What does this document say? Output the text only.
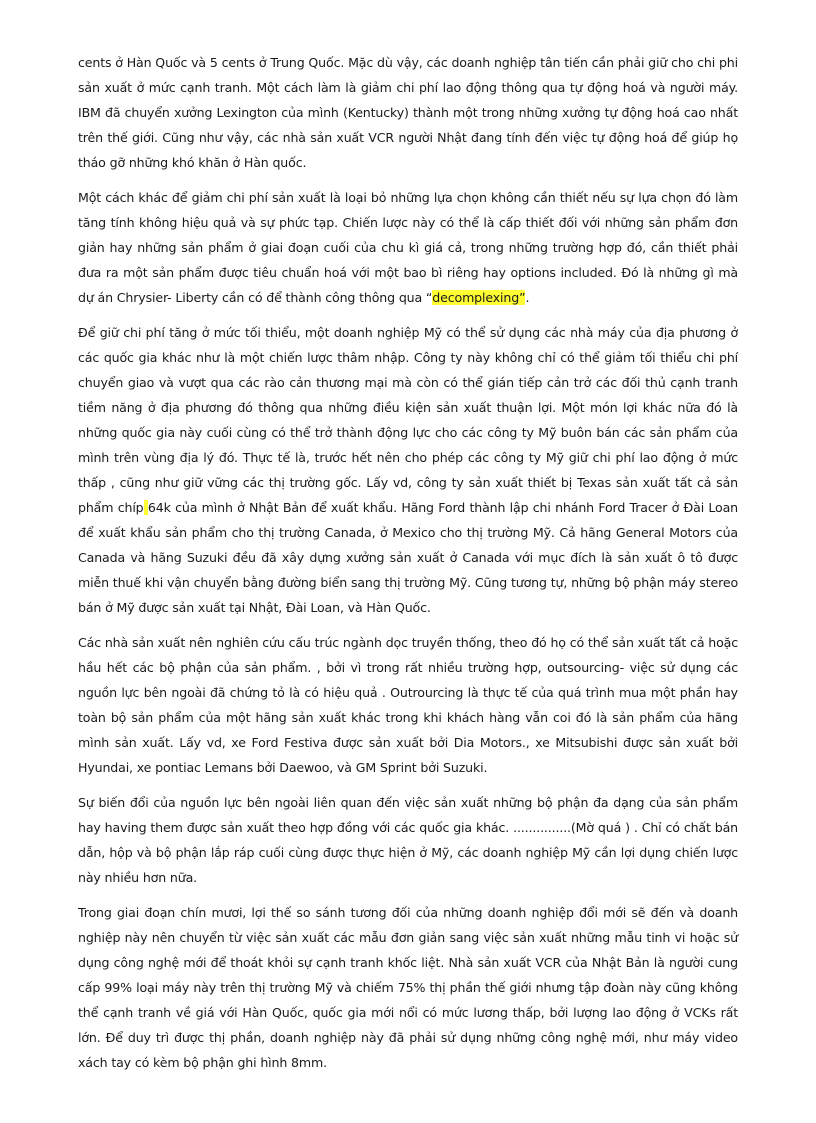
cents ở Hàn Quốc và 5 cents ở Trung Quốc. Mặc dù vậy, các doanh nghiệp tân tiến cần phải giữ cho chi phi sản xuất ở mức cạnh tranh. Một cách làm là giảm chi phí lao động thông qua tự động hoá và người máy. IBM đã chuyển xưởng Lexington của mình (Kentucky) thành một trong những xưởng tự động hoá cao nhất trên thế giới. Cũng như vậy, các nhà sản xuất VCR người Nhật đang tính đến việc tự động hoá để giúp họ tháo gỡ những khó khăn ở Hàn quốc.

Một cách khác để giảm chi phí sản xuất là loại bỏ những lựa chọn không cần thiết nếu sự lựa chọn đó làm tăng tính không hiệu quả và sự phức tạp. Chiến lược này có thể là cấp thiết đối với những sản phẩm đơn giản hay những sản phẩm ở giai đoạn cuối của chu kì giá cả, trong những trường hợp đó, cần thiết phải đưa ra một sản phẩm được tiêu chuẩn hoá với một bao bì riêng hay options included. Đó là những gì mà dự án Chrysier- Liberty cần có để thành công thông qua “decomplexing”.

Để giữ chi phí tăng ở mức tối thiểu, một doanh nghiệp Mỹ có thể sử dụng các nhà máy của địa phương ở các quốc gia khác như là một chiến lược thâm nhập. Công ty này không chỉ có thể giảm tối thiểu chi phí chuyển giao và vượt qua các rào cản thương mại mà còn có thể gián tiếp cản trở các đối thủ cạnh tranh tiềm năng ở địa phương đó thông qua những điều kiện sản xuất thuận lợi. Một món lợi khác nữa đó là những quốc gia này cuối cùng có thể trở thành động lực cho các công ty Mỹ buôn bán các sản phẩm của mình trên vùng địa lý đó. Thực tế là, trước hết nên cho phép các công ty Mỹ giữ chi phí lao động ở mức thấp , cũng như giữ vững các thị trường gốc. Lấy vd, công ty sản xuất thiết bị Texas sản xuất tất cả sản phẩm chíp 64k của mình ở Nhật Bản để xuất khẩu. Hãng Ford thành lập chi nhánh Ford Tracer ở Đài Loan để xuất khẩu sản phẩm cho thị trường Canada, ở Mexico cho thị trường Mỹ. Cả hãng General Motors của Canada và hãng Suzuki đều đã xây dựng xưởng sản xuất ở Canada với mục đích là sản xuất ô tô được miễn thuế khi vận chuyển bằng đường biển sang thị trường Mỹ. Cũng tương tự, những bộ phận máy stereo bán ở Mỹ được sản xuất tại Nhật, Đài Loan, và Hàn Quốc.

Các nhà sản xuất nên nghiên cứu cấu trúc ngành dọc truyền thống, theo đó họ có thể sản xuất tất cả hoặc hầu hết các bộ phận của sản phẩm. , bởi vì trong rất nhiều trường hợp, outsourcing- việc sử dụng các nguồn lực bên ngoài đã chứng tỏ là có hiệu quả . Outrourcing là thực tế của quá trình mua một phần hay toàn bộ sản phẩm của một hãng sản xuất khác trong khi khách hàng vẫn coi đó là sản phẩm của hãng mình sản xuất. Lấy vd, xe Ford Festiva được sản xuất bởi Dia Motors., xe Mitsubishi được sản xuất bởi Hyundai, xe pontiac Lemans bởi Daewoo, và GM Sprint bởi Suzuki.

Sự biến đổi của nguồn lực bên ngoài liên quan đến việc sản xuất những bộ phận đa dạng của sản phẩm hay having them được sản xuất theo hợp đồng với các quốc gia khác. ...............(Mờ quá ) . Chỉ có chất bán dẫn, hộp và bộ phận lắp ráp cuối cùng được thực hiện ở Mỹ, các doanh nghiệp Mỹ cần lợi dụng chiến lược này nhiều hơn nữa.

Trong giai đoạn chín mươi, lợi thế so sánh tương đối của những doanh nghiệp đổi mới sẽ đến và doanh nghiệp này nên chuyển từ việc sản xuất các mẫu đơn giản sang việc sản xuất những mẫu tinh vi hoặc sử dụng công nghệ mới để thoát khỏi sự cạnh tranh khốc liệt. Nhà sản xuất VCR của Nhật Bản là người cung cấp 99% loại máy này trên thị trường Mỹ và chiếm 75% thị phần thế giới nhưng tập đoàn này cũng không thể cạnh tranh về giá với Hàn Quốc, quốc gia mới nổi có mức lương thấp, bởi lượng lao động ở VCKs rất lớn. Để duy trì được thị phần, doanh nghiệp này đã phải sử dụng những công nghệ mới, như máy video xách tay có kèm bộ phận ghi hình 8mm.
